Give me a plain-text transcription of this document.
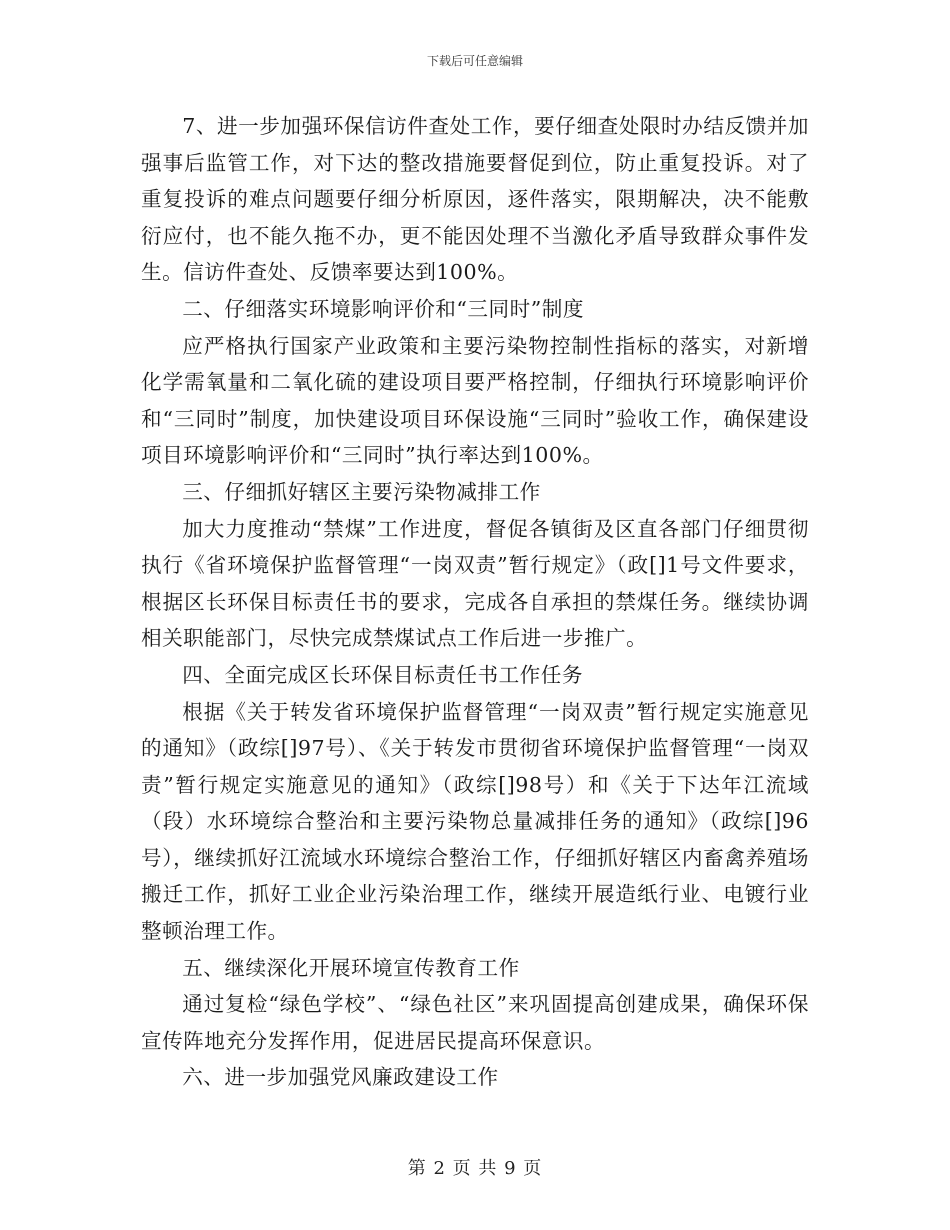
下载后可任意编辑

7、进一步加强环保信访件查处工作，要仔细查处限时办结反馈并加强事后监管工作，对下达的整改措施要督促到位，防止重复投诉。对了重复投诉的难点问题要仔细分析原因，逐件落实，限期解决，决不能敷衍应付，也不能久拖不办，更不能因处理不当激化矛盾导致群众事件发生。信访件查处、反馈率要达到100%。

二、仔细落实环境影响评价和“三同时”制度

应严格执行国家产业政策和主要污染物控制性指标的落实，对新增化学需氧量和二氧化硫的建设项目要严格控制，仔细执行环境影响评价和“三同时”制度，加快建设项目环保设施“三同时”验收工作，确保建设项目环境影响评价和“三同时”执行率达到100%。

三、仔细抓好辖区主要污染物减排工作

加大力度推动“禁煤”工作进度，督促各镇街及区直各部门仔细贯彻执行《省环境保护监督管理“一岗双责”暂行规定》（政[]1号文件要求，根据区长环保目标责任书的要求，完成各自承担的禁煤任务。继续协调相关职能部门，尽快完成禁煤试点工作后进一步推广。

四、全面完成区长环保目标责任书工作任务

根据《关于转发省环境保护监督管理“一岗双责”暂行规定实施意见的通知》（政综[]97号）、《关于转发市贯彻省环境保护监督管理“一岗双责”暂行规定实施意见的通知》（政综[]98号）和《关于下达年江流域（段）水环境综合整治和主要污染物总量减排任务的通知》（政综[]96号），继续抓好江流域水环境综合整治工作，仔细抓好辖区内畜禽养殖场搬迁工作，抓好工业企业污染治理工作，继续开展造纸行业、电镀行业整顿治理工作。

五、继续深化开展环境宣传教育工作

通过复检“绿色学校”、“绿色社区”来巩固提高创建成果，确保环保宣传阵地充分发挥作用，促进居民提高环保意识。

六、进一步加强党风廉政建设工作

第 2 页 共 9 页
